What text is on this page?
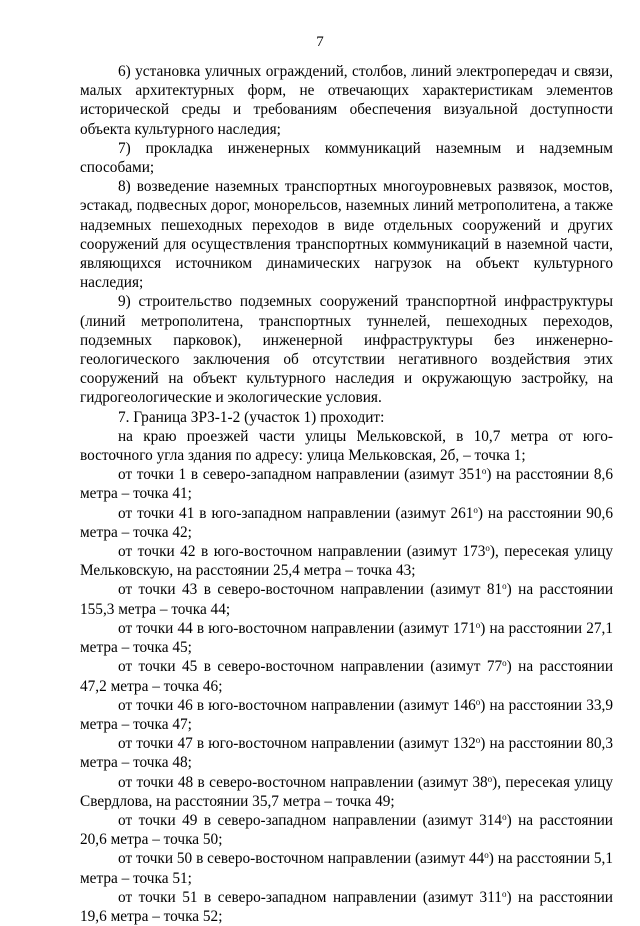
7

6) установка уличных ограждений, столбов, линий электропередач и связи, малых архитектурных форм, не отвечающих характеристикам элементов исторической среды и требованиям обеспечения визуальной доступности объекта культурного наследия;

7) прокладка инженерных коммуникаций наземным и надземным способами;

8) возведение наземных транспортных многоуровневых развязок, мостов, эстакад, подвесных дорог, монорельсов, наземных линий метрополитена, а также надземных пешеходных переходов в виде отдельных сооружений и других сооружений для осуществления транспортных коммуникаций в наземной части, являющихся источником динамических нагрузок на объект культурного наследия;

9) строительство подземных сооружений транспортной инфраструктуры (линий метрополитена, транспортных туннелей, пешеходных переходов, подземных парковок), инженерной инфраструктуры без инженерно-геологического заключения об отсутствии негативного воздействия этих сооружений на объект культурного наследия и окружающую застройку, на гидрогеологические и экологические условия.

7. Граница ЗРЗ-1-2 (участок 1) проходит:

на краю проезжей части улицы Мельковской, в 10,7 метра от юго-восточного угла здания по адресу: улица Мельковская, 2б, – точка 1;

от точки 1 в северо-западном направлении (азимут $351^о$) на расстоянии 8,6 метра – точка 41;

от точки 41 в юго-западном направлении (азимут $261^о$) на расстоянии 90,6 метра – точка 42;

от точки 42 в юго-восточном направлении (азимут $173^о$), пересекая улицу Мельковскую, на расстоянии 25,4 метра – точка 43;

от точки 43 в северо-восточном направлении (азимут $81^о$) на расстоянии 155,3 метра – точка 44;

от точки 44 в юго-восточном направлении (азимут $171^о$) на расстоянии 27,1 метра – точка 45;

от точки 45 в северо-восточном направлении (азимут $77^о$) на расстоянии 47,2 метра – точка 46;

от точки 46 в юго-восточном направлении (азимут $146^о$) на расстоянии 33,9 метра – точка 47;

от точки 47 в юго-восточном направлении (азимут $132^о$) на расстоянии 80,3 метра – точка 48;

от точки 48 в северо-восточном направлении (азимут $38^о$), пересекая улицу Свердлова, на расстоянии 35,7 метра – точка 49;

от точки 49 в северо-западном направлении (азимут $314^о$) на расстоянии 20,6 метра – точка 50;

от точки 50 в северо-восточном направлении (азимут $44^о$) на расстоянии 5,1 метра – точка 51;

от точки 51 в северо-западном направлении (азимут $311^о$) на расстоянии 19,6 метра – точка 52;
